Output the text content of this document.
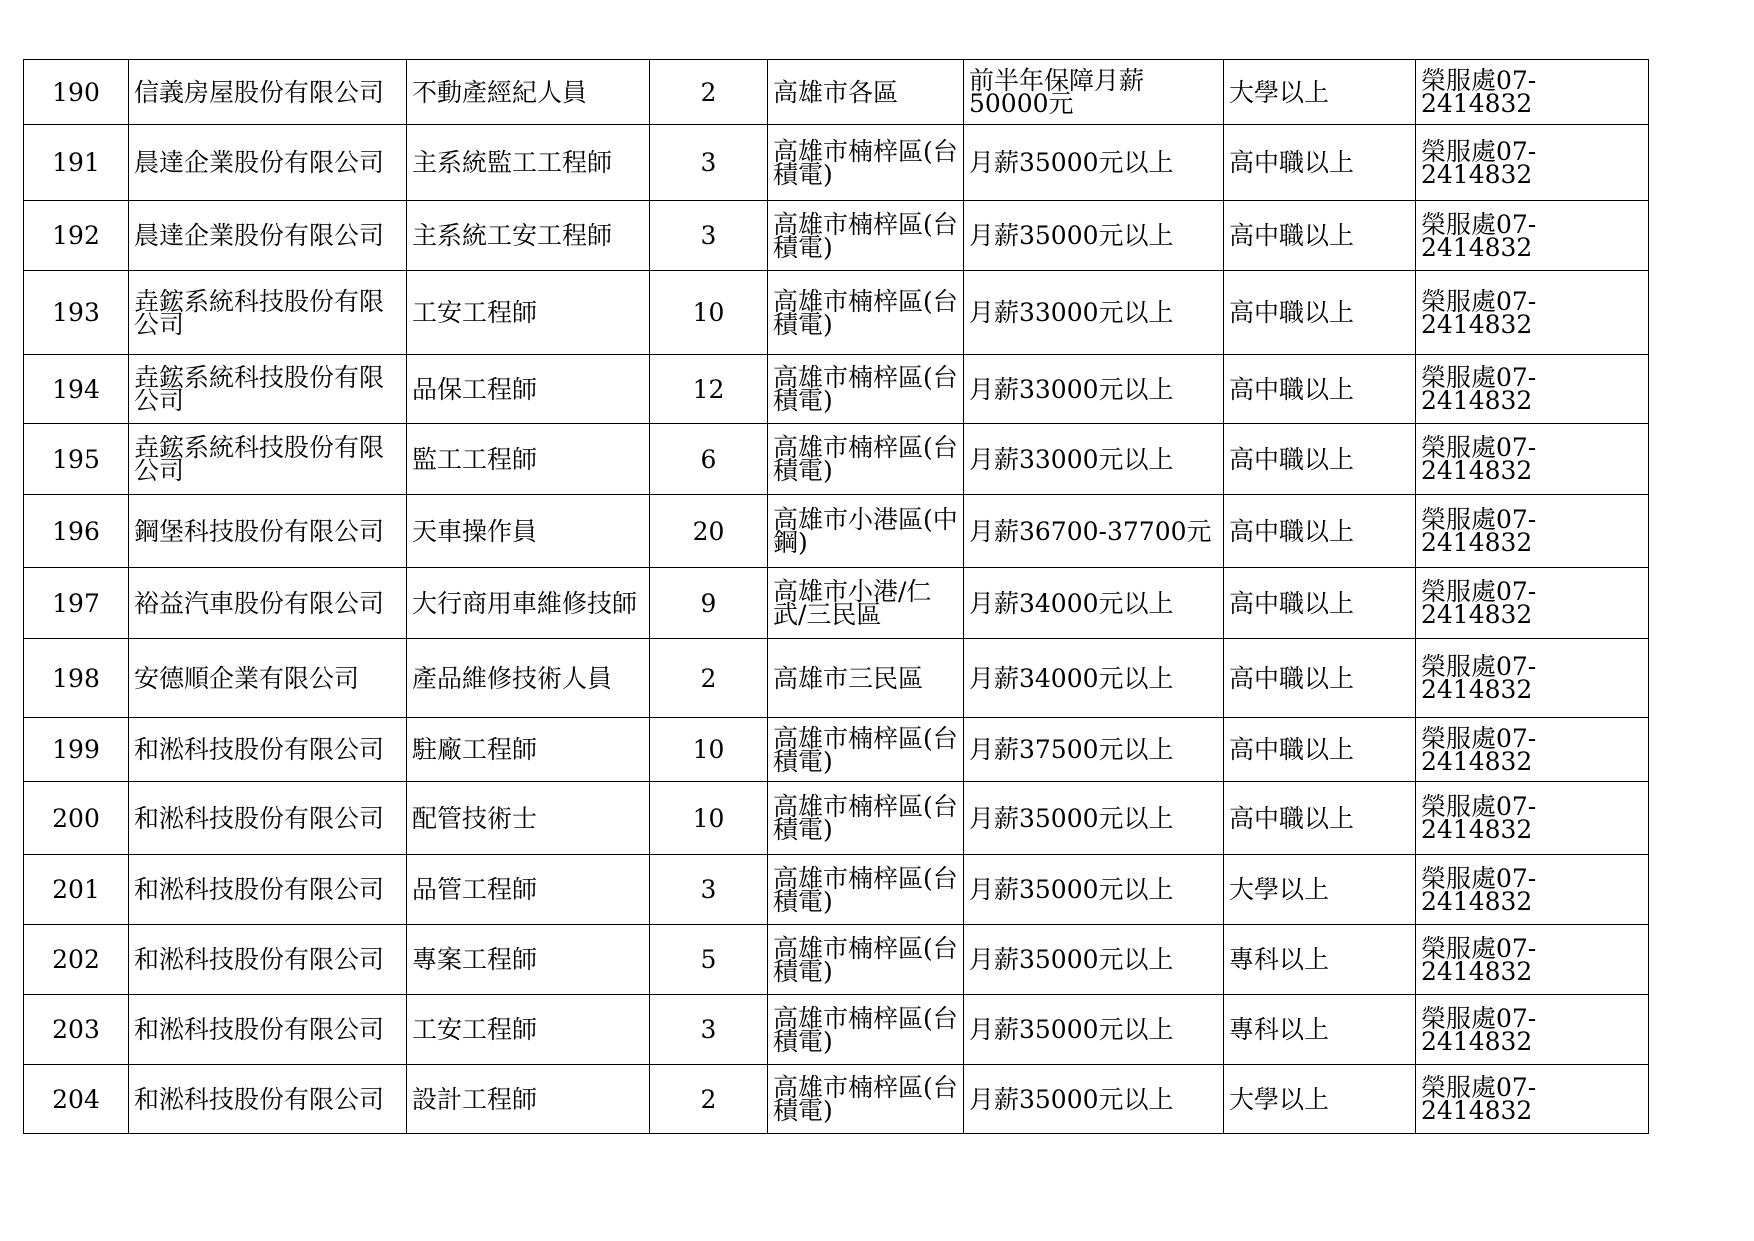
190	信義房屋股份有限公司	不動產經紀人員	2	高雄市各區	前半年保障月薪50000元	大學以上	榮服處07-2414832
191	晨達企業股份有限公司	主系統監工工程師	3	高雄市楠梓區(台積電)	月薪35000元以上	高中職以上	榮服處07-2414832
192	晨達企業股份有限公司	主系統工安工程師	3	高雄市楠梓區(台積電)	月薪35000元以上	高中職以上	榮服處07-2414832
193	垚鋐系統科技股份有限公司	工安工程師	10	高雄市楠梓區(台積電)	月薪33000元以上	高中職以上	榮服處07-2414832
194	垚鋐系統科技股份有限公司	品保工程師	12	高雄市楠梓區(台積電)	月薪33000元以上	高中職以上	榮服處07-2414832
195	垚鋐系統科技股份有限公司	監工工程師	6	高雄市楠梓區(台積電)	月薪33000元以上	高中職以上	榮服處07-2414832
196	鋼堡科技股份有限公司	天車操作員	20	高雄市小港區(中鋼)	月薪36700-37700元	高中職以上	榮服處07-2414832
197	裕益汽車股份有限公司	大行商用車維修技師	9	高雄市小港/仁武/三民區	月薪34000元以上	高中職以上	榮服處07-2414832
198	安德順企業有限公司	產品維修技術人員	2	高雄市三民區	月薪34000元以上	高中職以上	榮服處07-2414832
199	和淞科技股份有限公司	駐廠工程師	10	高雄市楠梓區(台積電)	月薪37500元以上	高中職以上	榮服處07-2414832
200	和淞科技股份有限公司	配管技術士	10	高雄市楠梓區(台積電)	月薪35000元以上	高中職以上	榮服處07-2414832
201	和淞科技股份有限公司	品管工程師	3	高雄市楠梓區(台積電)	月薪35000元以上	大學以上	榮服處07-2414832
202	和淞科技股份有限公司	專案工程師	5	高雄市楠梓區(台積電)	月薪35000元以上	專科以上	榮服處07-2414832
203	和淞科技股份有限公司	工安工程師	3	高雄市楠梓區(台積電)	月薪35000元以上	專科以上	榮服處07-2414832
204	和淞科技股份有限公司	設計工程師	2	高雄市楠梓區(台積電)	月薪35000元以上	大學以上	榮服處07-2414832
